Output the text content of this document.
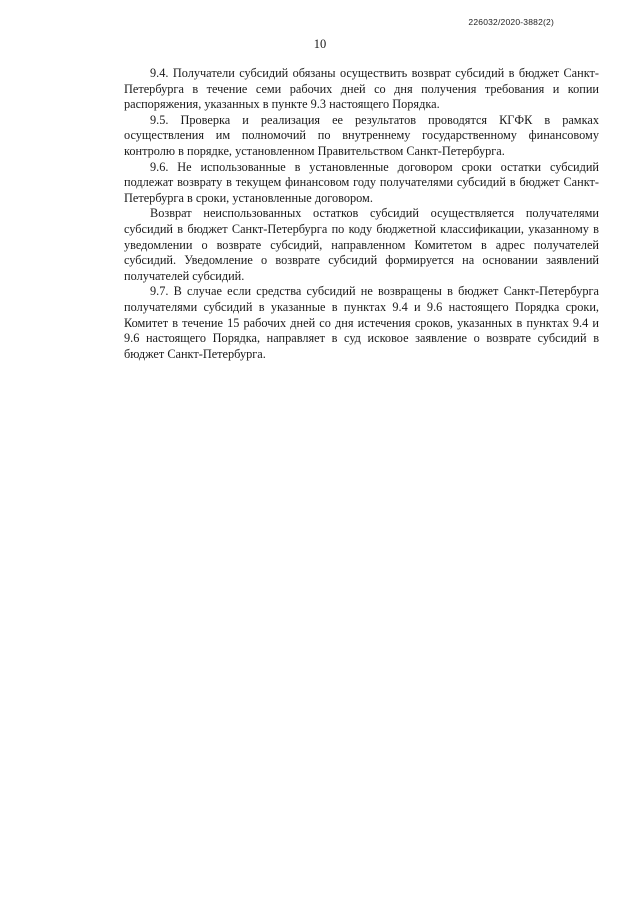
226032/2020-3882(2)
10

9.4. Получатели субсидий обязаны осуществить возврат субсидий в бюджет Санкт-Петербурга в течение семи рабочих дней со дня получения требования и копии распоряжения, указанных в пункте 9.3 настоящего Порядка.

9.5. Проверка и реализация ее результатов проводятся КГФК в рамках осуществления им полномочий по внутреннему государственному финансовому контролю в порядке, установленном Правительством Санкт-Петербурга.

9.6. Не использованные в установленные договором сроки остатки субсидий подлежат возврату в текущем финансовом году получателями субсидий в бюджет Санкт-Петербурга в сроки, установленные договором.

Возврат неиспользованных остатков субсидий осуществляется получателями субсидий в бюджет Санкт-Петербурга по коду бюджетной классификации, указанному в уведомлении о возврате субсидий, направленном Комитетом в адрес получателей субсидий. Уведомление о возврате субсидий формируется на основании заявлений получателей субсидий.

9.7. В случае если средства субсидий не возвращены в бюджет Санкт-Петербурга получателями субсидий в указанные в пунктах 9.4 и 9.6 настоящего Порядка сроки, Комитет в течение 15 рабочих дней со дня истечения сроков, указанных в пунктах 9.4 и 9.6 настоящего Порядка, направляет в суд исковое заявление о возврате субсидий в бюджет Санкт-Петербурга.
